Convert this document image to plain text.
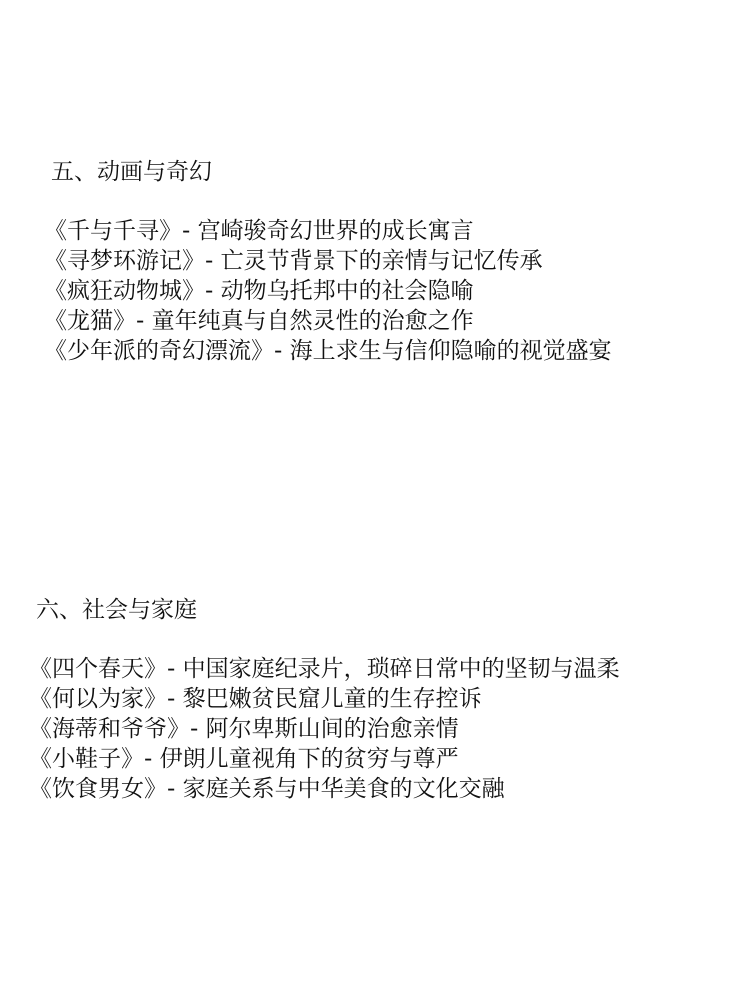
五、动画与奇幻
《千与千寻》- 宫崎骏奇幻世界的成长寓言
《寻梦环游记》- 亡灵节背景下的亲情与记忆传承
《疯狂动物城》- 动物乌托邦中的社会隐喻
《龙猫》- 童年纯真与自然灵性的治愈之作
《少年派的奇幻漂流》- 海上求生与信仰隐喻的视觉盛宴
六、社会与家庭
《四个春天》- 中国家庭纪录片，琐碎日常中的坚韧与温柔
《何以为家》- 黎巴嫩贫民窟儿童的生存控诉
《海蒂和爷爷》- 阿尔卑斯山间的治愈亲情
《小鞋子》- 伊朗儿童视角下的贫穷与尊严
《饮食男女》- 家庭关系与中华美食的文化交融
